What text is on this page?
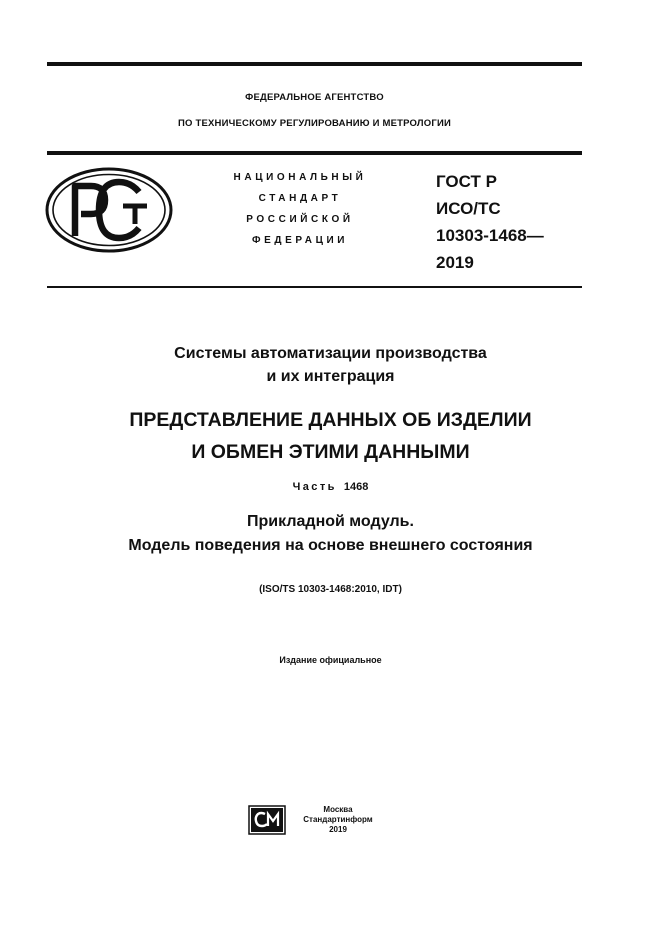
ФЕДЕРАЛЬНОЕ АГЕНТСТВО
ПО ТЕХНИЧЕСКОМУ РЕГУЛИРОВАНИЮ И МЕТРОЛОГИИ
НАЦИОНАЛЬНЫЙ
СТАНДАРТ
РОССИЙСКОЙ
ФЕДЕРАЦИИ
ГОСТ Р
ИСО/ТС
10303-1468—
2019
Системы автоматизации производства
и их интеграция
ПРЕДСТАВЛЕНИЕ ДАННЫХ ОБ ИЗДЕЛИИ
И ОБМЕН ЭТИМИ ДАННЫМИ
Часть 1468
Прикладной модуль.
Модель поведения на основе внешнего состояния
(ISO/TS 10303-1468:2010, IDT)
Издание официальное
Москва
Стандартинформ
2019
